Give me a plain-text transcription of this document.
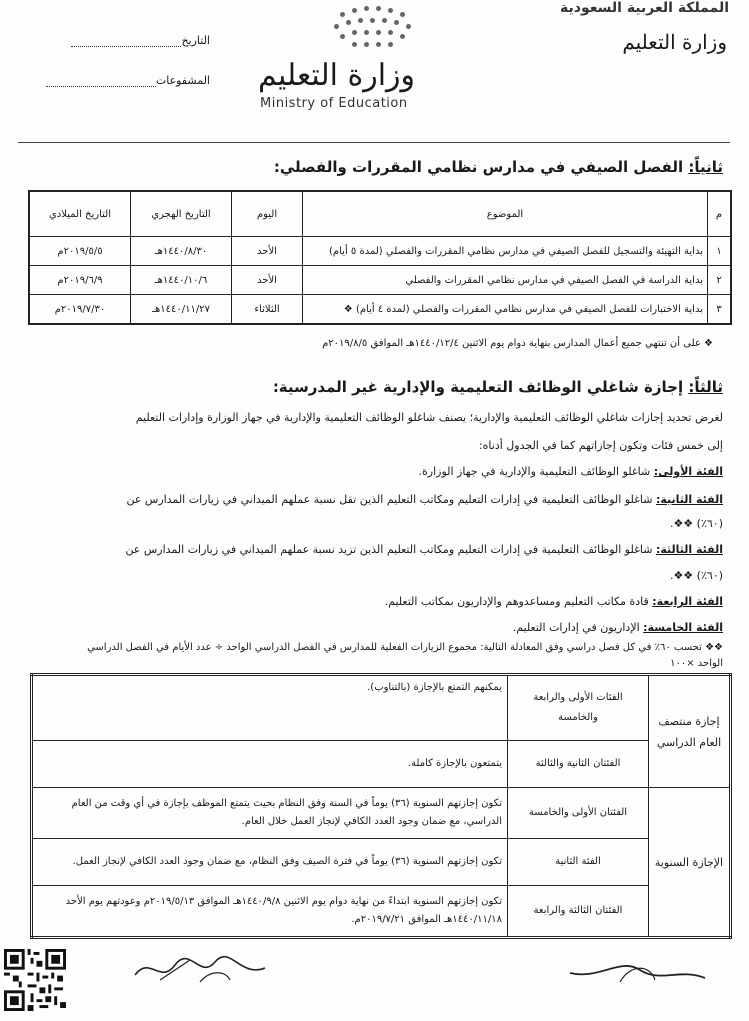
المملكة العربية السعودية
وزارة التعليم
وزارة التعليم
Ministry of Education
التاريخ
المشفوعات
ثانياً: الفصل الصيفي في مدارس نظامي المقررات والفصلي:
م	الموضوع	اليوم	التاريخ الهجري	التاريخ الميلادي
١	بداية التهيئة والتسجيل للفصل الصيفي في مدارس نظامي المقررات والفصلي (لمدة ٥ أيام)	الأحد	١٤٤٠/٨/٣٠هـ	٢٠١٩/٥/٥م
٢	بداية الدراسة في الفصل الصيفي في مدارس نظامي المقررات والفصلي	الأحد	١٤٤٠/١٠/٦هـ	٢٠١٩/٦/٩م
٣	بداية الاختبارات للفصل الصيفي في مدارس نظامي المقررات والفصلي (لمدة ٤ أيام) ❖	الثلاثاء	١٤٤٠/١١/٢٧هـ	٢٠١٩/٧/٣٠م
❖ على أن تنتهي جميع أعمال المدارس بنهاية دوام يوم الاثنين ١٤٤٠/١٢/٤هـ الموافق ٢٠١٩/٨/٥م
ثالثاً: إجازة شاغلي الوظائف التعليمية والإدارية غير المدرسية:
لغرض تحديد إجازات شاغلي الوظائف التعليمية والإدارية؛ يصنف شاغلو الوظائف التعليمية والإدارية في جهاز الوزارة وإدارات التعليم
إلى خمس فئات وتكون إجازاتهم كما في الجدول أدناه:
الفئة الأولى: شاغلو الوظائف التعليمية والإدارية في جهاز الوزارة.
الفئة الثانية: شاغلو الوظائف التعليمية في إدارات التعليم ومكاتب التعليم الذين تقل نسبة عملهم الميداني في زيارات المدارس عن
(٦٠٪) ❖❖.
الفئة الثالثة: شاغلو الوظائف التعليمية في إدارات التعليم ومكاتب التعليم الذين تزيد نسبة عملهم الميداني في زيارات المدارس عن
(٦٠٪) ❖❖.
الفئة الرابعة: قادة مكاتب التعليم ومساعدوهم والإداريون بمكاتب التعليم.
الفئة الخامسة: الإداريون في إدارات التعليم.
❖❖ تحسب ٦٠٪ في كل فصل دراسي وفق المعادلة التالية: مجموع الزيارات الفعلية للمدارس في الفصل الدراسي الواحد ÷ عدد الأيام في الفصل الدراسي
الواحد ×١٠٠
إجازة منتصف العام الدراسي	الفئات الأولى والرابعة والخامسة	يمكنهم التمتع بالإجازة (بالتناوب).
	الفئتان الثانية والثالثة	يتمتعون بالإجازة كاملة.
الإجازة السنوية	الفئتان الأولى والخامسة	تكون إجازتهم السنوية (٣٦) يوماً في السنة وفق النظام بحيث يتمتع الموظف بإجازة في أي وقت من العام الدراسي، مع ضمان وجود العدد الكافي لإنجاز العمل خلال العام.
	الفئة الثانية	تكون إجازتهم السنوية (٣٦) يوماً في فترة الصيف وفق النظام، مع ضمان وجود العدد الكافي لإنجاز العمل.
	الفئتان الثالثة والرابعة	تكون إجازتهم السنوية ابتداءً من نهاية دوام يوم الاثنين ١٤٤٠/٩/٨هـ الموافق ٢٠١٩/٥/١٣م وعودتهم يوم الأحد ١٤٤٠/١١/١٨هـ الموافق ٢٠١٩/٧/٢١م.
